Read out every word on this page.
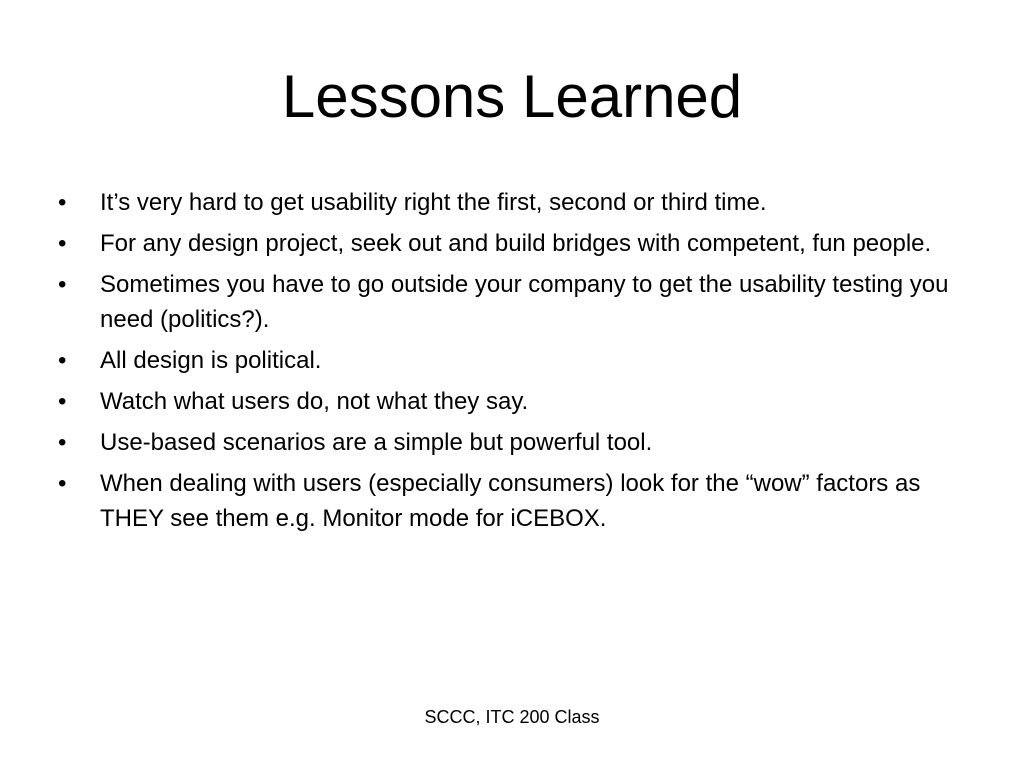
Lessons Learned
•	It’s very hard to get usability right the first, second or third time.
•	For any design project, seek out and build bridges with competent, fun people.
•	Sometimes you have to go outside your company to get the usability testing you need (politics?).
•	All design is political.
•	Watch what users do, not what they say.
•	Use-based scenarios are a simple but powerful tool.
•	When dealing with users (especially consumers) look for the “wow” factors as THEY see them e.g. Monitor mode for iCEBOX.
SCCC, ITC 200 Class
